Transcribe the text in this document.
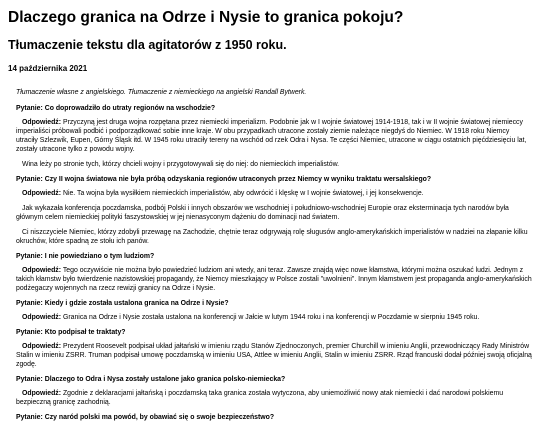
Dlaczego granica na Odrze i Nysie to granica pokoju?
Tłumaczenie tekstu dla agitatorów z 1950 roku.
14 października 2021

Tłumaczenie własne z angielskiego. Tłumaczenie z niemieckiego na angielski Randall Bytwerk.

Pytanie: Co doprowadziło do utraty regionów na wschodzie?

Odpowiedź: Przyczyną jest druga wojna rozpętana przez niemiecki imperializm. Podobnie jak w I wojnie światowej 1914-1918, tak i w II wojnie światowej niemieccy imperialiści próbowali podbić i podporządkować sobie inne kraje. W obu przypadkach utracone zostały ziemie należące niegdyś do Niemiec. W 1918 roku Niemcy utraciły Szlezwik, Eupen, Górny Śląsk itd. W 1945 roku utraciły tereny na wschód od rzek Odra i Nysa. Te części Niemiec, utracone w ciągu ostatnich pięćdziesięciu lat, zostały utracone tylko z powodu wojny.

Wina leży po stronie tych, którzy chcieli wojny i przygotowywali się do niej: do niemieckich imperialistów.

Pytanie: Czy II wojna światowa nie była próbą odzyskania regionów utraconych przez Niemcy w wyniku traktatu wersalskiego?

Odpowiedź: Nie. Ta wojna była wysiłkiem niemieckich imperialistów, aby odwrócić i klęskę w I wojnie światowej, i jej konsekwencje.

Jak wykazała konferencja poczdamska, podbój Polski i innych obszarów we wschodniej i południowo-wschodniej Europie oraz eksterminacja tych narodów była głównym celem niemieckiej polityki faszystowskiej w jej nienasyconym dążeniu do dominacji nad światem.

Ci niszczyciele Niemiec, którzy zdobyli przewagę na Zachodzie, chętnie teraz odgrywają rolę sługusów anglo-amerykańskich imperialistów w nadziei na złapanie kilku okruchów, które spadną ze stołu ich panów.

Pytanie: I nie powiedziano o tym ludziom?

Odpowiedź: Tego oczywiście nie można było powiedzieć ludziom ani wtedy, ani teraz. Zawsze znajdą więc nowe kłamstwa, którymi można oszukać ludzi. Jednym z takich kłamstw było twierdzenie nazistowskiej propagandy, że Niemcy mieszkający w Polsce zostali "uwolnieni". Innym kłamstwem jest propaganda anglo-amerykańskich podżegaczy wojennych na rzecz rewizji granicy na Odrze i Nysie.

Pytanie: Kiedy i gdzie została ustalona granica na Odrze i Nysie?

Odpowiedź: Granica na Odrze i Nysie została ustalona na konferencji w Jałcie w lutym 1944 roku i na konferencji w Poczdamie w sierpniu 1945 roku.

Pytanie: Kto podpisał te traktaty?

Odpowiedź: Prezydent Roosevelt podpisał układ jałtański w imieniu rządu Stanów Zjednoczonych, premier Churchill w imieniu Anglii, przewodniczący Rady Ministrów Stalin w imieniu ZSRR. Truman podpisał umowę poczdamską w imieniu USA, Attlee w imieniu Anglii, Stalin w imieniu ZSRR. Rząd francuski dodał później swoją oficjalną zgodę.

Pytanie: Dlaczego to Odra i Nysa zostały ustalone jako granica polsko-niemiecka?

Odpowiedź: Zgodnie z deklaracjami jałtańską i poczdamską taka granica została wytyczona, aby uniemożliwić nowy atak niemiecki i dać narodowi polskiemu bezpieczną granicę zachodnią.

Pytanie: Czy naród polski ma powód, by obawiać się o swoje bezpieczeństwo?
